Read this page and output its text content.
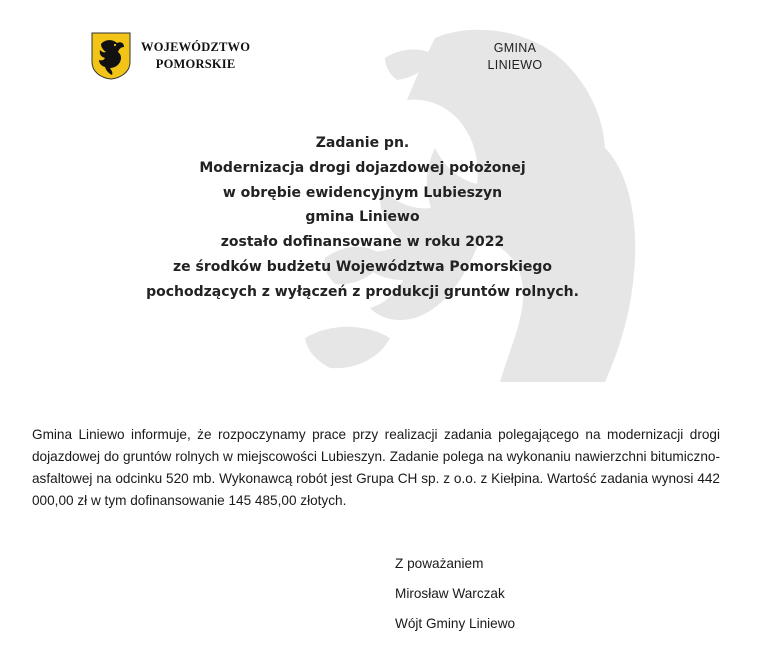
WOJEWÓDZTWO
POMORSKIE
GMINA
LINIEWO
Zadanie pn.
Modernizacja drogi dojazdowej położonej
w obrębie ewidencyjnym Lubieszyn
gmina Liniewo
zostało dofinansowane w roku 2022
ze środków budżetu Województwa Pomorskiego
pochodzących z wyłączeń z produkcji gruntów rolnych.
Gmina Liniewo informuje, że rozpoczynamy prace przy realizacji zadania polegającego na modernizacji drogi dojazdowej do gruntów rolnych w miejscowości Lubieszyn. Zadanie polega na wykonaniu nawierzchni bitumiczno- asfaltowej na odcinku 520 mb. Wykonawcą robót jest Grupa CH sp. z o.o. z Kiełpina. Wartość zadania wynosi 442 000,00 zł w tym dofinansowanie 145 485,00 złotych.
Z poważaniem
Mirosław Warczak
Wójt Gminy Liniewo
